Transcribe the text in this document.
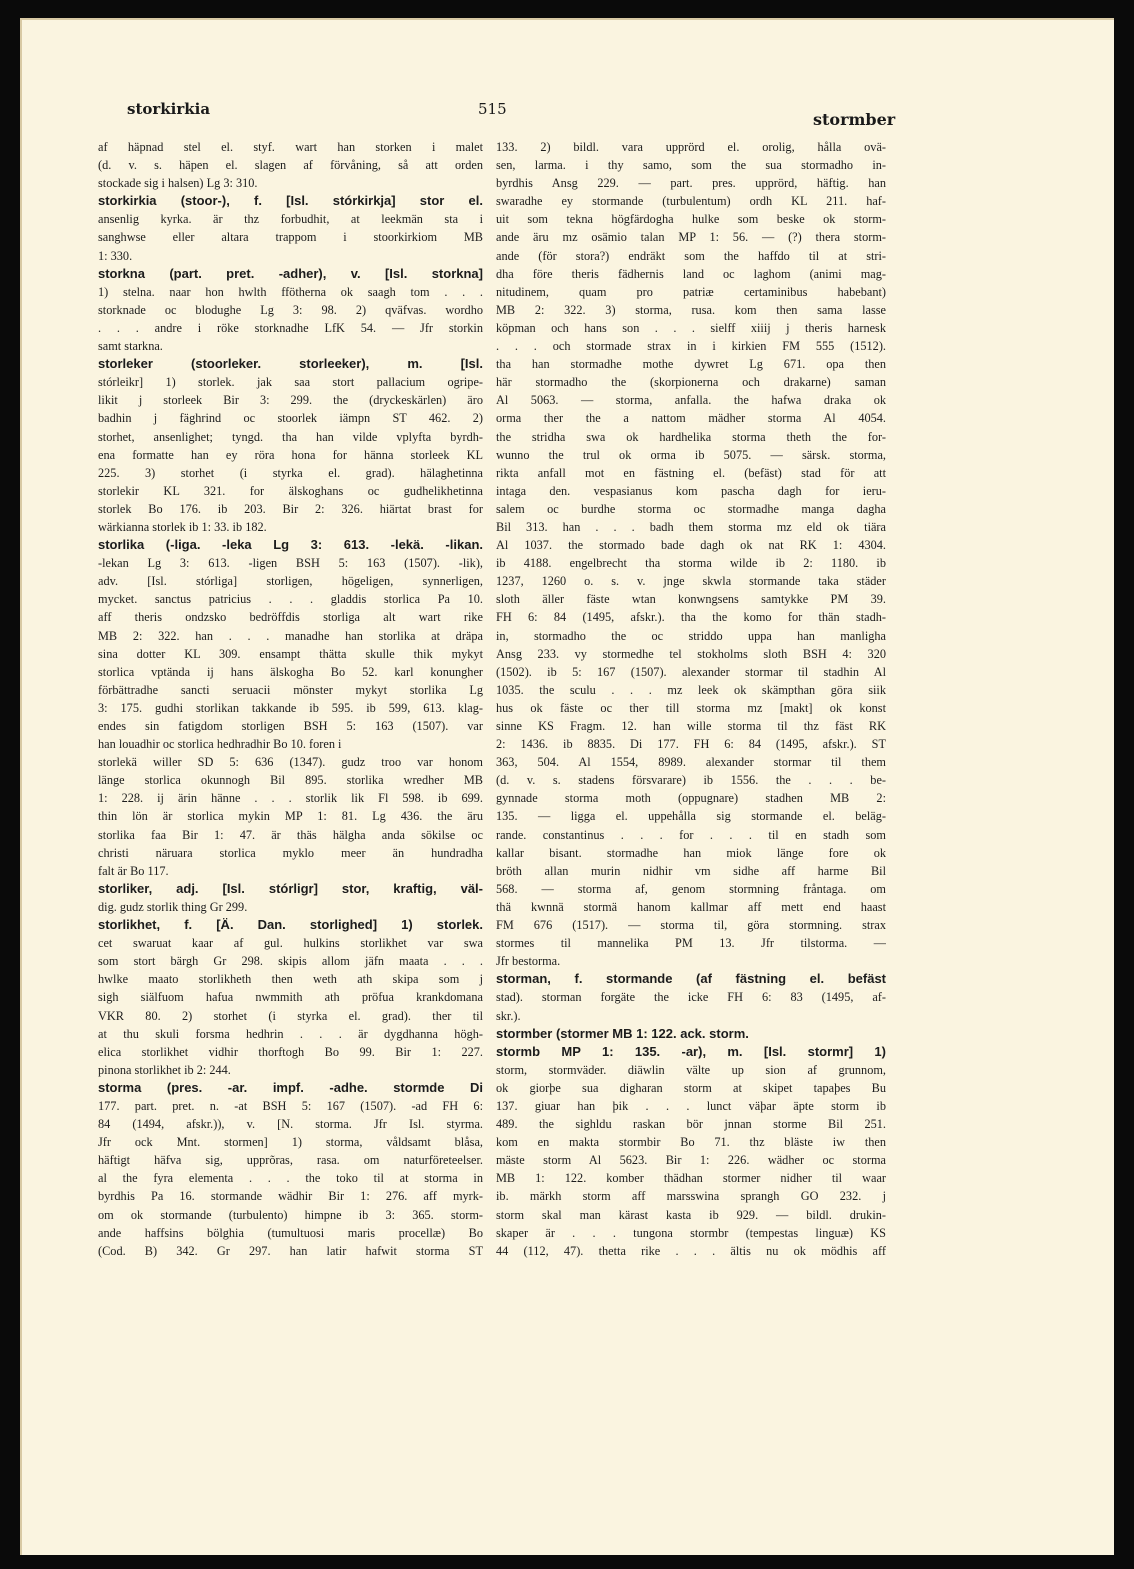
storkirkia	515
stormber
af häpnad stel el. styf. wart han storken i malet
(d. v. s. häpen el. slagen af förvåning, så att orden
stockade sig i halsen) Lg 3: 310.
storkirkia (stoor-), f. [Isl. stórkirkja] stor el.
ansenlig kyrka. är thz forbudhit, at leekmän sta i
sanghwse eller altara trappom i stoorkirkiom MB
1: 330.
storkna (part. pret. -adher), v. [Isl. storkna]
1) stelna. naar hon hwlth fföthernа ok saagh tom . . .
storknade oc blodughe Lg 3: 98. 2) qväfvas. wordho
. . . andre i röke storknadhe LfK 54. — Jfr storkin
samt starkna.
storleker (stoorleker. storleeker), m. [Isl.
stórleikr] 1) storlek. jak saa stort pallacium ogripe-
likit j storleek Bir 3: 299. the (dryckeskärlen) äro
badhin j fäghrind oc stoorlek iämpn ST 462. 2)
storhet, ansenlighet; tyngd. tha han vilde vplyfta byrdh-
ena formatte han ey röra hona for hänna storleek KL
225. 3) storhet (i styrka el. grad). hälaghetinna
storlekir KL 321. for älskoghans oc gudhelikhetinna
storlek Bo 176. ib 203. Bir 2: 326. hiärtat brast for
wärkianna storlek ib 1: 33. ib 182.
storlika (-liga. -leka Lg 3: 613. -lekä. -likan.
-lekan Lg 3: 613. -ligen BSH 5: 163 (1507). -lik),
adv. [Isl. stórliga] storligen, högeligen, synnerligen,
mycket. sanctus patricius . . . gladdis storlica Pa 10.
aff theris ondzsko bedröffdis storliga alt wart rike
MB 2: 322. han . . . manadhe han storlika at dräpa
sina dotter KL 309. ensampt thätta skulle thik mykyt
storlica vptända ij hans älskogha Bo 52. karl konungher
förbättradhe sancti seruacii mönster mykyt storlika Lg
3: 175. gudhi storlikan takkande ib 595. ib 599, 613. klag-
endes sin fatigdom storligen BSH 5: 163 (1507). var
han louadhir oc storlica hedhradhir Bo 10. foren i
storlekä willer SD 5: 636 (1347). gudz troo var honom
länge storlica okunnogh Bil 895. storlika wredher MB
1: 228. ij ärin hänne . . . storlik lik Fl 598. ib 699.
thin lön är storlica mykin MP 1: 81. Lg 436. the äru
storlika faa Bir 1: 47. är thäs hälgha anda sökilse oc
christi näruara storlica myklo meer än hundradha
falt är Bo 117.
storliker, adj. [Isl. stórligr] stor, kraftig, väl-
dig. gudz storlik thing Gr 299.
storlikhet, f. [Ä. Dan. storlighed] 1) storlek.
cet swaruat kaar af gul. hulkins storlikhet var swa
som stort bärgh Gr 298. skipis allom jäfn maata . . .
hwlke maato storlikheth then weth ath skipa som j
sigh siälfuom hafua nwmmith ath pröfua krankdomana
VKR 80. 2) storhet (i styrka el. grad). ther til
at thu skuli forsma hedhrin . . . är dygdhanna högh-
elica storlikhet vidhir thorftogh Bo 99. Bir 1: 227.
pinona storlikhet ib 2: 244.
storma (pres. -ar. impf. -adhe. stormde Di
177. part. pret. n. -at BSH 5: 167 (1507). -ad FH 6:
84 (1494, afskr.)), v. [N. storma. Jfr Isl. styrma.
Jfr ock Mnt. stormen] 1) storma, våldsamt blåsa,
häftigt häfva sig, upprõras, rasa. om naturföreteelser.
al the fyra elementa . . . the toko til at storma in
byrdhis Pa 16. stormande wädhir Bir 1: 276. aff myrk-
om ok stormande (turbulento) himpne ib 3: 365. storm-
ande haffsins bölghia (tumultuosi maris procellæ) Bo
(Cod. B) 342. Gr 297. han latir hafwit storma ST
133. 2) bildl. vara upprörd el. orolig, hålla ovä-
sen, larma. i thy samo, som the sua stormadho in-
byrdhis Ansg 229. — part. pres. upprörd, häftig. han
swaradhe ey stormande (turbulentum) ordh KL 211. haf-
uit som tekna högfärdogha hulke som beske ok storm-
ande äru mz osämio talan MP 1: 56. — (?) thera storm-
ande (för stora?) endräkt som the haffdo til at stri-
dha före theris fädhernis land oc laghom (animi mag-
nitudinem, quam pro patriæ certaminibus habebant)
MB 2: 322. 3) storma, rusa. kom then sama lasse
köpman och hans son . . . sielff xiiij j theris harnesk
. . . och stormade strax in i kirkien FM 555 (1512).
tha han stormadhe mothe dywret Lg 671. opa then
här stormadho the (skorpionerna och drakarne) saman
Al 5063. — storma, anfalla. the hafwa draka ok
orma ther the a nattom mädher storma Al 4054.
the stridha swa ok hardhelika storma theth the for-
wunno the trul ok orma ib 5075. — särsk. storma,
rikta anfall mot en fästning el. (befäst) stad för att
intaga den. vespasianus kom pascha dagh for ieru-
salem oc burdhe storma oc stormadhe manga dagha
Bil 313. han . . . badh them storma mz eld ok tiära
Al 1037. the stormado bade dagh ok nat RK 1: 4304.
ib 4188. engelbrecht tha storma wilde ib 2: 1180. ib
1237, 1260 o. s. v. jnge skwla stormande taka städer
sloth äller fäste wtan konwngsens samtykke PM 39.
FH 6: 84 (1495, afskr.). tha the komo for thän stadh-
in, stormadho the oc striddo uppa han manligha
Ansg 233. vy stormedhe tel stokholms sloth BSH 4: 320
(1502). ib 5: 167 (1507). alexander stormar til stadhin Al
1035. the sculu . . . mz leek ok skämpthan göra siik
hus ok fäste oc ther till storma mz [makt] ok konst
sinne KS Fragm. 12. han wille storma til thz fäst RK
2: 1436. ib 8835. Di 177. FH 6: 84 (1495, afskr.). ST
363, 504. Al 1554, 8989. alexander stormar til them
(d. v. s. stadens försvarare) ib 1556. the . . . be-
gynnade storma moth (oppugnare) stadhen MB 2:
135. — ligga el. uppehålla sig stormande el. beläg-
rande. constantinus . . . for . . . til en stadh som
kallar bisant. stormadhe han miok länge fore ok
bröth allan murin nidhir vm sidhe aff harme Bil
568. — storma af, genom stormning fråntaga. om
thä kwnnä stormä hanom kallmar aff mett end haast
FM 676 (1517). — storma til, göra stormning. strax
stormes til mannelika PM 13. Jfr tilstorma. —
Jfr bestorma.
storman, f. stormande (af fästning el. befäst
stad). storman forgäte the icke FH 6: 83 (1495, af-
skr.).
stormber (stormer MB 1: 122. ack. storm.
stormb MP 1: 135. -ar), m. [Isl. stormr] 1)
storm, stormväder. diäwlin välte up sion af grunnom,
ok giorþe sua digharan storm at skipet tapaþes Bu
137. giuar han þik . . . lunct väþar äpte storm ib
489. the sighldu raskan bör jnnan storme Bil 251.
kom en makta stormbir Bo 71. thz bläste iw then
mäste storm Al 5623. Bir 1: 226. wädher oc storma
MB 1: 122. komber thädhan stormer nidher til waar
ib. märkh storm aff marsswina sprangh GO 232. j
storm skal man kärast kasta ib 929. — bildl. drukin-
skaper är . . . tungona stormbr (tempestas linguæ) KS
44 (112, 47). thetta rike . . . ältis nu ok mödhis aff
